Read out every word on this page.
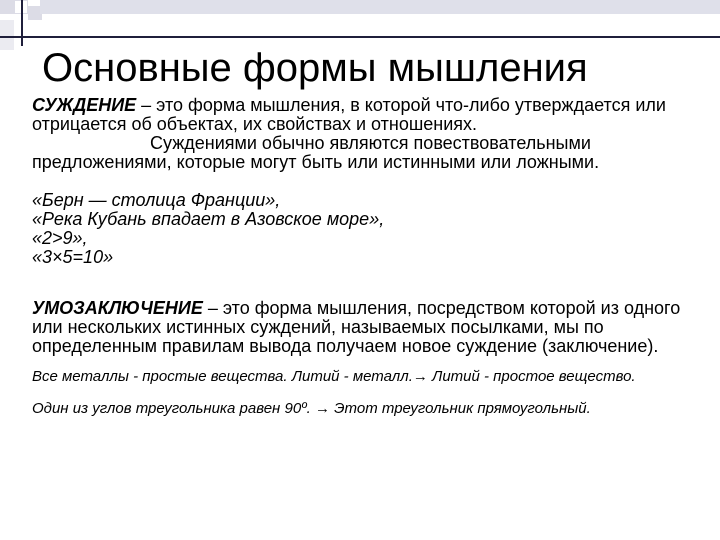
Основные формы мышления

СУЖДЕНИЕ – это форма мышления, в которой что-либо утверждается или отрицается об объектах, их свойствах и отношениях.

Суждениями обычно являются повествовательными предложениями, которые могут быть или истинными или ложными.

«Берн — столица Франции»,

«Река Кубань впадает в Азовское море»,

«2>9»,

«3×5=10»

УМОЗАКЛЮЧЕНИЕ – это форма мышления, посредством которой из одного или нескольких истинных суждений, называемых посылками, мы по определенным правилам вывода получаем новое суждение (заключение).

Все металлы - простые вещества. Литий - металл.→ Литий - простое вещество.

Один из углов треугольника равен 90º. → Этот треугольник прямоугольный.
